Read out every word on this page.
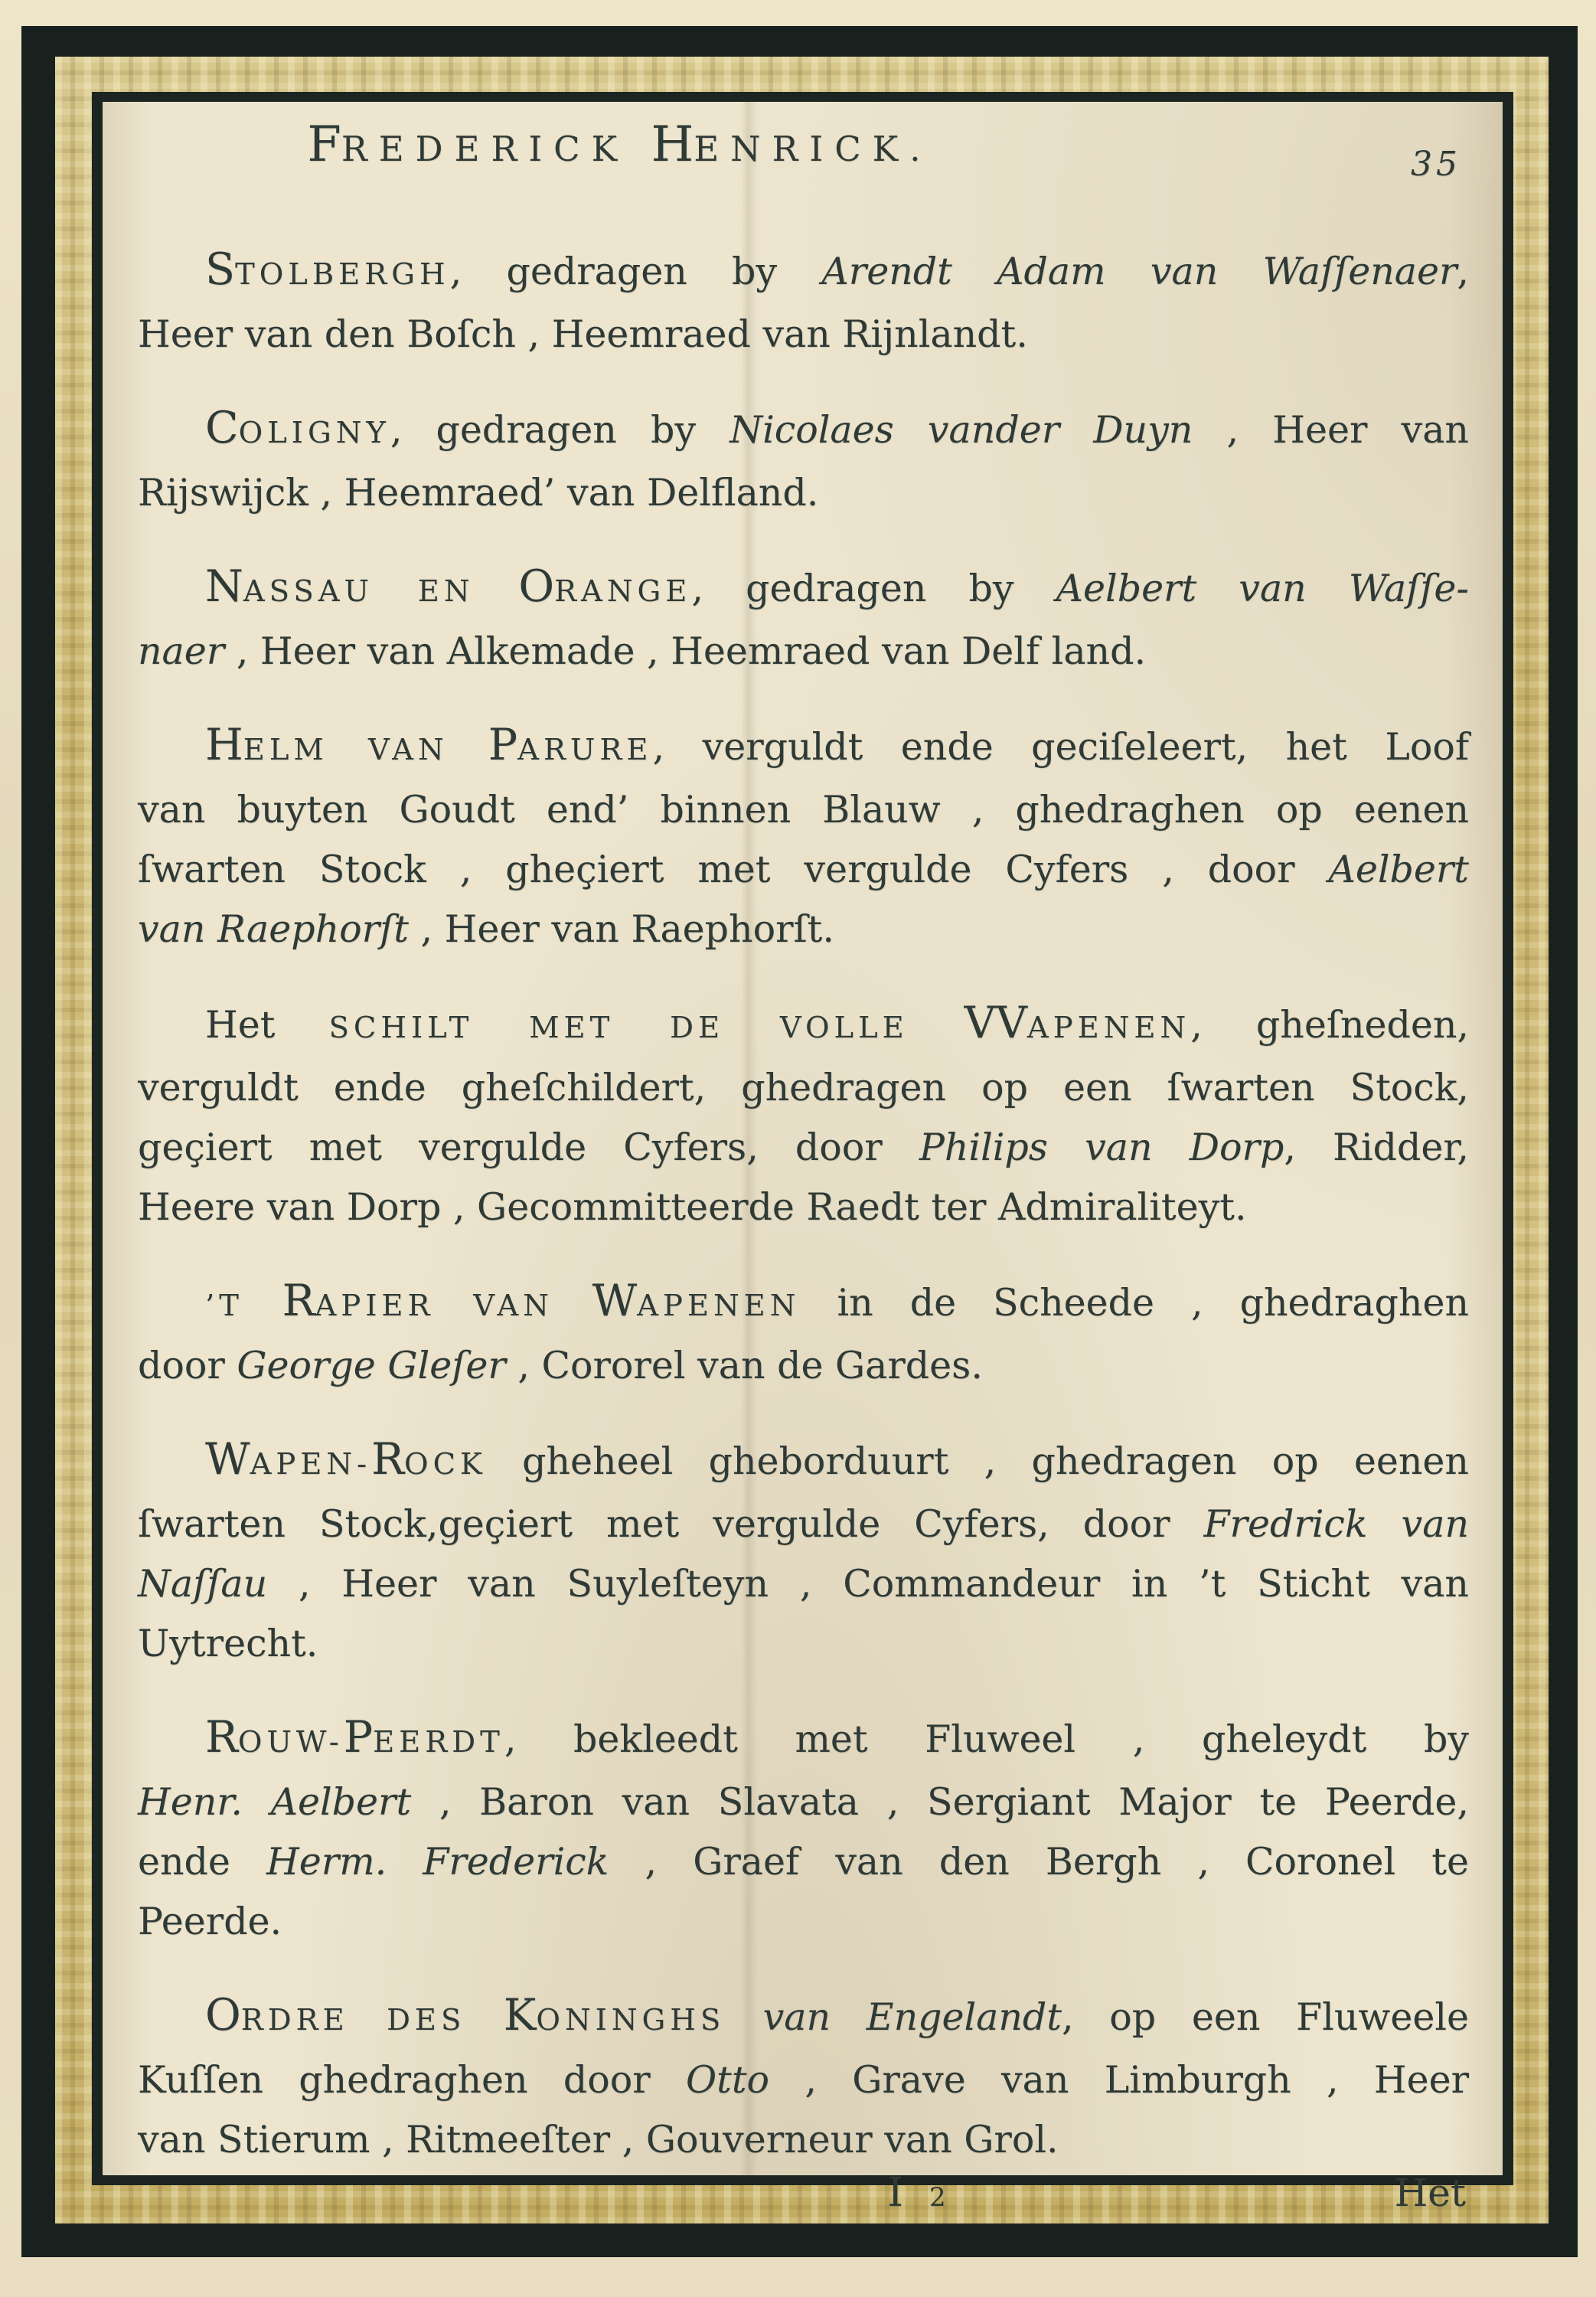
FREDERICK HENRICK.	35
STOLBERGH, gedragen by Arendt Adam van Waſſenaer,
Heer van den Boſch , Heemraed van Rijnlandt.
COLIGNY, gedragen by Nicolaes vander Duyn , Heer van
Rijswijck , Heemraed’ van Delfland.
NASSAU EN ORANGE, gedragen by Aelbert van Waſſe-
naer , Heer van Alkemade , Heemraed van Delf land.
HELM VAN PARURE, verguldt ende geciſeleert, het Loof
van buyten Goudt end’ binnen Blauw , ghedraghen op eenen
ſwarten Stock , gheçiert met vergulde Cyfers , door Aelbert
van Raephorſt , Heer van Raephorſt.
Het SCHILT MET DE VOLLE VVAPENEN, gheſneden,
verguldt ende gheſchildert, ghedragen op een ſwarten Stock,
geçiert met vergulde Cyfers, door Philips van Dorp, Ridder,
Heere van Dorp , Gecommitteerde Raedt ter Admiraliteyt.
’T RAPIER VAN WAPENEN in de Scheede , ghedraghen
door George Gleſer , Cororel van de Gardes.
WAPEN-ROCK gheheel gheborduurt , ghedragen op eenen
ſwarten Stock,geçiert met vergulde Cyfers, door Fredrick van
Naſſau , Heer van Suyleſteyn , Commandeur in ’t Sticht van
Uytrecht.
ROUW-PEERDT, bekleedt met Fluweel , gheleydt by
Henr. Aelbert , Baron van Slavata , Sergiant Major te Peerde,
ende Herm. Frederick , Graef van den Bergh , Coronel te
Peerde.
ORDRE DES KONINGHS van Engelandt, op een Fluweele
Kuſſen ghedraghen door Otto , Grave van Limburgh , Heer
van Stierum , Ritmeeſter , Gouverneur van Grol.
I 2	Het
